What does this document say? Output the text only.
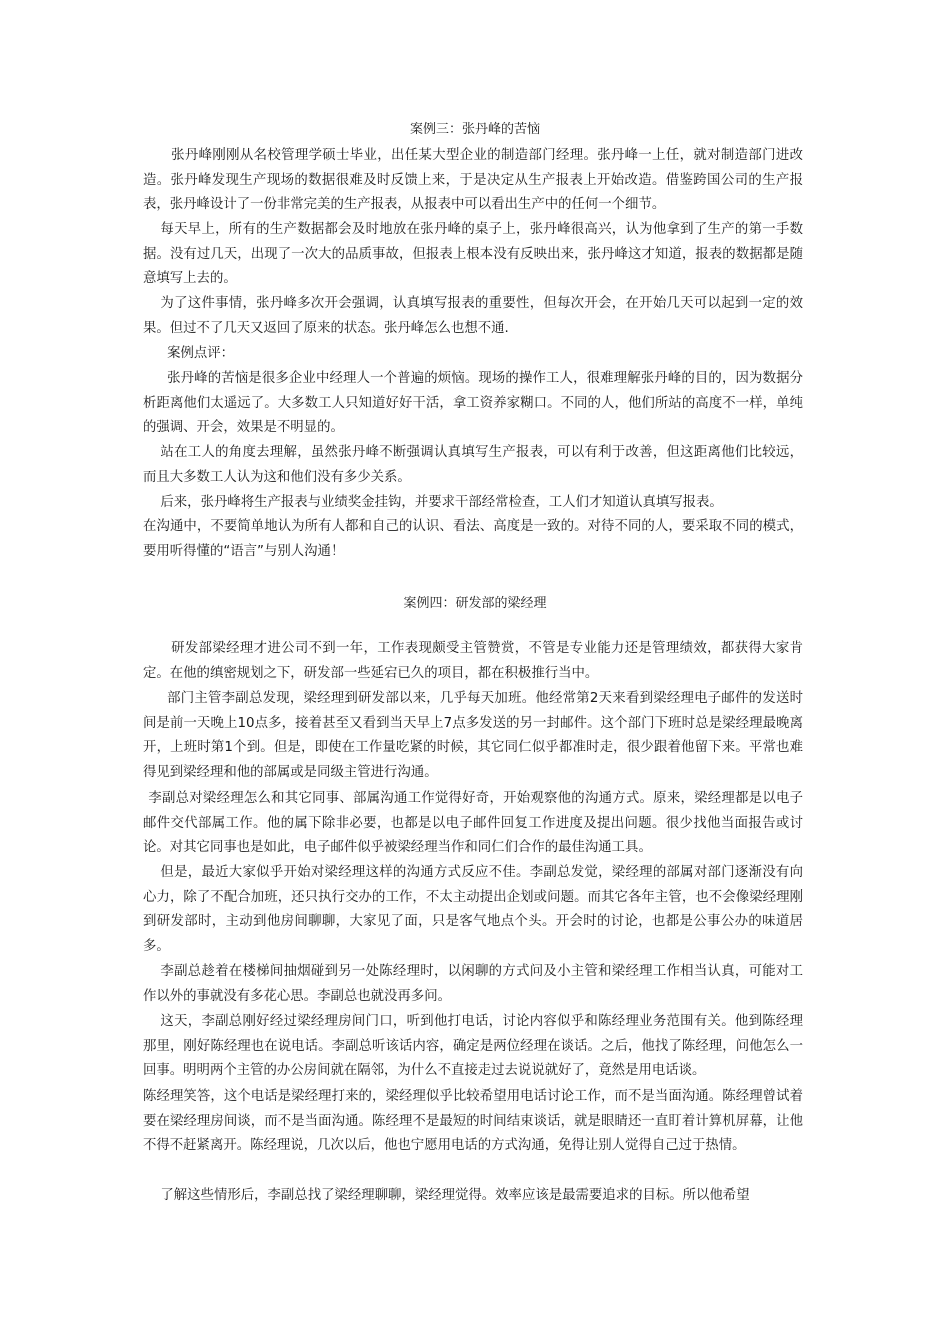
案例三：张丹峰的苦恼

张丹峰刚刚从名校管理学硕士毕业，出任某大型企业的制造部门经理。张丹峰一上任，就对制造部门进改造。张丹峰发现生产现场的数据很难及时反馈上来，于是决定从生产报表上开始改造。借鉴跨国公司的生产报表，张丹峰设计了一份非常完美的生产报表，从报表中可以看出生产中的任何一个细节。

每天早上，所有的生产数据都会及时地放在张丹峰的桌子上，张丹峰很高兴，认为他拿到了生产的第一手数据。没有过几天，出现了一次大的品质事故，但报表上根本没有反映出来，张丹峰这才知道，报表的数据都是随意填写上去的。

为了这件事情，张丹峰多次开会强调，认真填写报表的重要性，但每次开会，在开始几天可以起到一定的效果。但过不了几天又返回了原来的状态。张丹峰怎么也想不通.

案例点评：

张丹峰的苦恼是很多企业中经理人一个普遍的烦恼。现场的操作工人，很难理解张丹峰的目的，因为数据分析距离他们太遥远了。大多数工人只知道好好干活，拿工资养家糊口。不同的人，他们所站的高度不一样，单纯的强调、开会，效果是不明显的。

站在工人的角度去理解，虽然张丹峰不断强调认真填写生产报表，可以有利于改善，但这距离他们比较远，而且大多数工人认为这和他们没有多少关系。

后来，张丹峰将生产报表与业绩奖金挂钩，并要求干部经常检查，工人们才知道认真填写报表。

在沟通中，不要简单地认为所有人都和自己的认识、看法、高度是一致的。对待不同的人，要采取不同的模式，要用听得懂的“语言”与别人沟通！

案例四：研发部的梁经理

研发部梁经理才进公司不到一年，工作表现颇受主管赞赏，不管是专业能力还是管理绩效，都获得大家肯定。在他的缜密规划之下，研发部一些延宕已久的项目，都在积极推行当中。

部门主管李副总发现，梁经理到研发部以来，几乎每天加班。他经常第2天来看到梁经理电子邮件的发送时间是前一天晚上10点多，接着甚至又看到当天早上7点多发送的另一封邮件。这个部门下班时总是梁经理最晚离开，上班时第1个到。但是，即使在工作量吃紧的时候，其它同仁似乎都准时走，很少跟着他留下来。平常也难得见到梁经理和他的部属或是同级主管进行沟通。

李副总对梁经理怎么和其它同事、部属沟通工作觉得好奇，开始观察他的沟通方式。原来，梁经理都是以电子邮件交代部属工作。他的属下除非必要，也都是以电子邮件回复工作进度及提出问题。很少找他当面报告或讨论。对其它同事也是如此，电子邮件似乎被梁经理当作和同仁们合作的最佳沟通工具。

但是，最近大家似乎开始对梁经理这样的沟通方式反应不佳。李副总发觉，梁经理的部属对部门逐渐没有向心力，除了不配合加班，还只执行交办的工作，不太主动提出企划或问题。而其它各年主管，也不会像梁经理刚到研发部时，主动到他房间聊聊，大家见了面，只是客气地点个头。开会时的讨论，也都是公事公办的味道居多。

李副总趁着在楼梯间抽烟碰到另一处陈经理时，以闲聊的方式问及小主管和梁经理工作相当认真，可能对工作以外的事就没有多花心思。李副总也就没再多问。

这天，李副总刚好经过梁经理房间门口，听到他打电话，讨论内容似乎和陈经理业务范围有关。他到陈经理那里，刚好陈经理也在说电话。李副总听该话内容，确定是两位经理在谈话。之后，他找了陈经理，问他怎么一回事。明明两个主管的办公房间就在隔邻，为什么不直接走过去说说就好了，竟然是用电话谈。

陈经理笑答，这个电话是梁经理打来的，梁经理似乎比较希望用电话讨论工作，而不是当面沟通。陈经理曾试着要在梁经理房间谈，而不是当面沟通。陈经理不是最短的时间结束谈话，就是眼睛还一直盯着计算机屏幕，让他不得不赶紧离开。陈经理说，几次以后，他也宁愿用电话的方式沟通，免得让别人觉得自己过于热情。

了解这些情形后，李副总找了梁经理聊聊，梁经理觉得。效率应该是最需要追求的目标。所以他希望
